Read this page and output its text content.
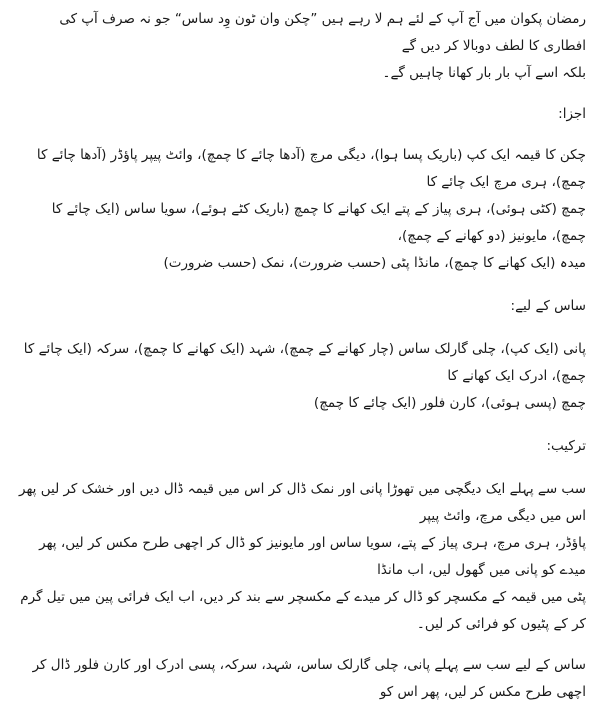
رمضان پکوان میں آج آپ کے لئے ہم لا رہے ہیں ”چکن وان ٹون وِد ساس“ جو نہ صرف آپ کی افطاری کا لطف دوبالا کر دیں گے

بلکہ اسے آپ بار بار کھانا چاہیں گے۔

اجزا:

چکن کا قیمہ ایک کپ (باریک پسا ہوا)، دیگی مرچ (آدھا چائے کا چمچ)، وائٹ پیپر پاؤڈر (آدھا چائے کا چمچ)، ہری مرچ ایک چائے کا

چمچ (کٹی ہوئی)، ہری پیاز کے پتے ایک کھانے کا چمچ (باریک کٹے ہوئے)، سویا ساس (ایک چائے کا چمچ)، مایونیز (دو کھانے کے چمچ)،

میدہ (ایک کھانے کا چمچ)، مانڈا پٹی (حسب ضرورت)، نمک (حسب ضرورت)

ساس کے لیے:

پانی (ایک کپ)، چلی گارلک ساس (چار کھانے کے چمچ)، شہد (ایک کھانے کا چمچ)، سرکہ (ایک چائے کا چمچ)، ادرک ایک کھانے کا

چمچ (پسی ہوئی)، کارن فلور (ایک چائے کا چمچ)

ترکیب:

سب سے پہلے ایک دیگچی میں تھوڑا پانی اور نمک ڈال کر اس میں قیمہ ڈال دیں اور خشک کر لیں پھر اس میں دیگی مرچ، وائٹ پیپر

پاؤڈر، ہری مرچ، ہری پیاز کے پتے، سویا ساس اور مایونیز کو ڈال کر اچھی طرح مکس کر لیں، پھر میدے کو پانی میں گھول لیں، اب مانڈا

پٹی میں قیمہ کے مکسچر کو ڈال کر میدے کے مکسچر سے بند کر دیں، اب ایک فرائی پین میں تیل گرم کر کے پٹیوں کو فرائی کر لیں۔

ساس کے لیے سب سے پہلے پانی، چلی گارلک ساس، شہد، سرکہ، پسی ادرک اور کارن فلور ڈال کر اچھی طرح مکس کر لیں، پھر اس کو
